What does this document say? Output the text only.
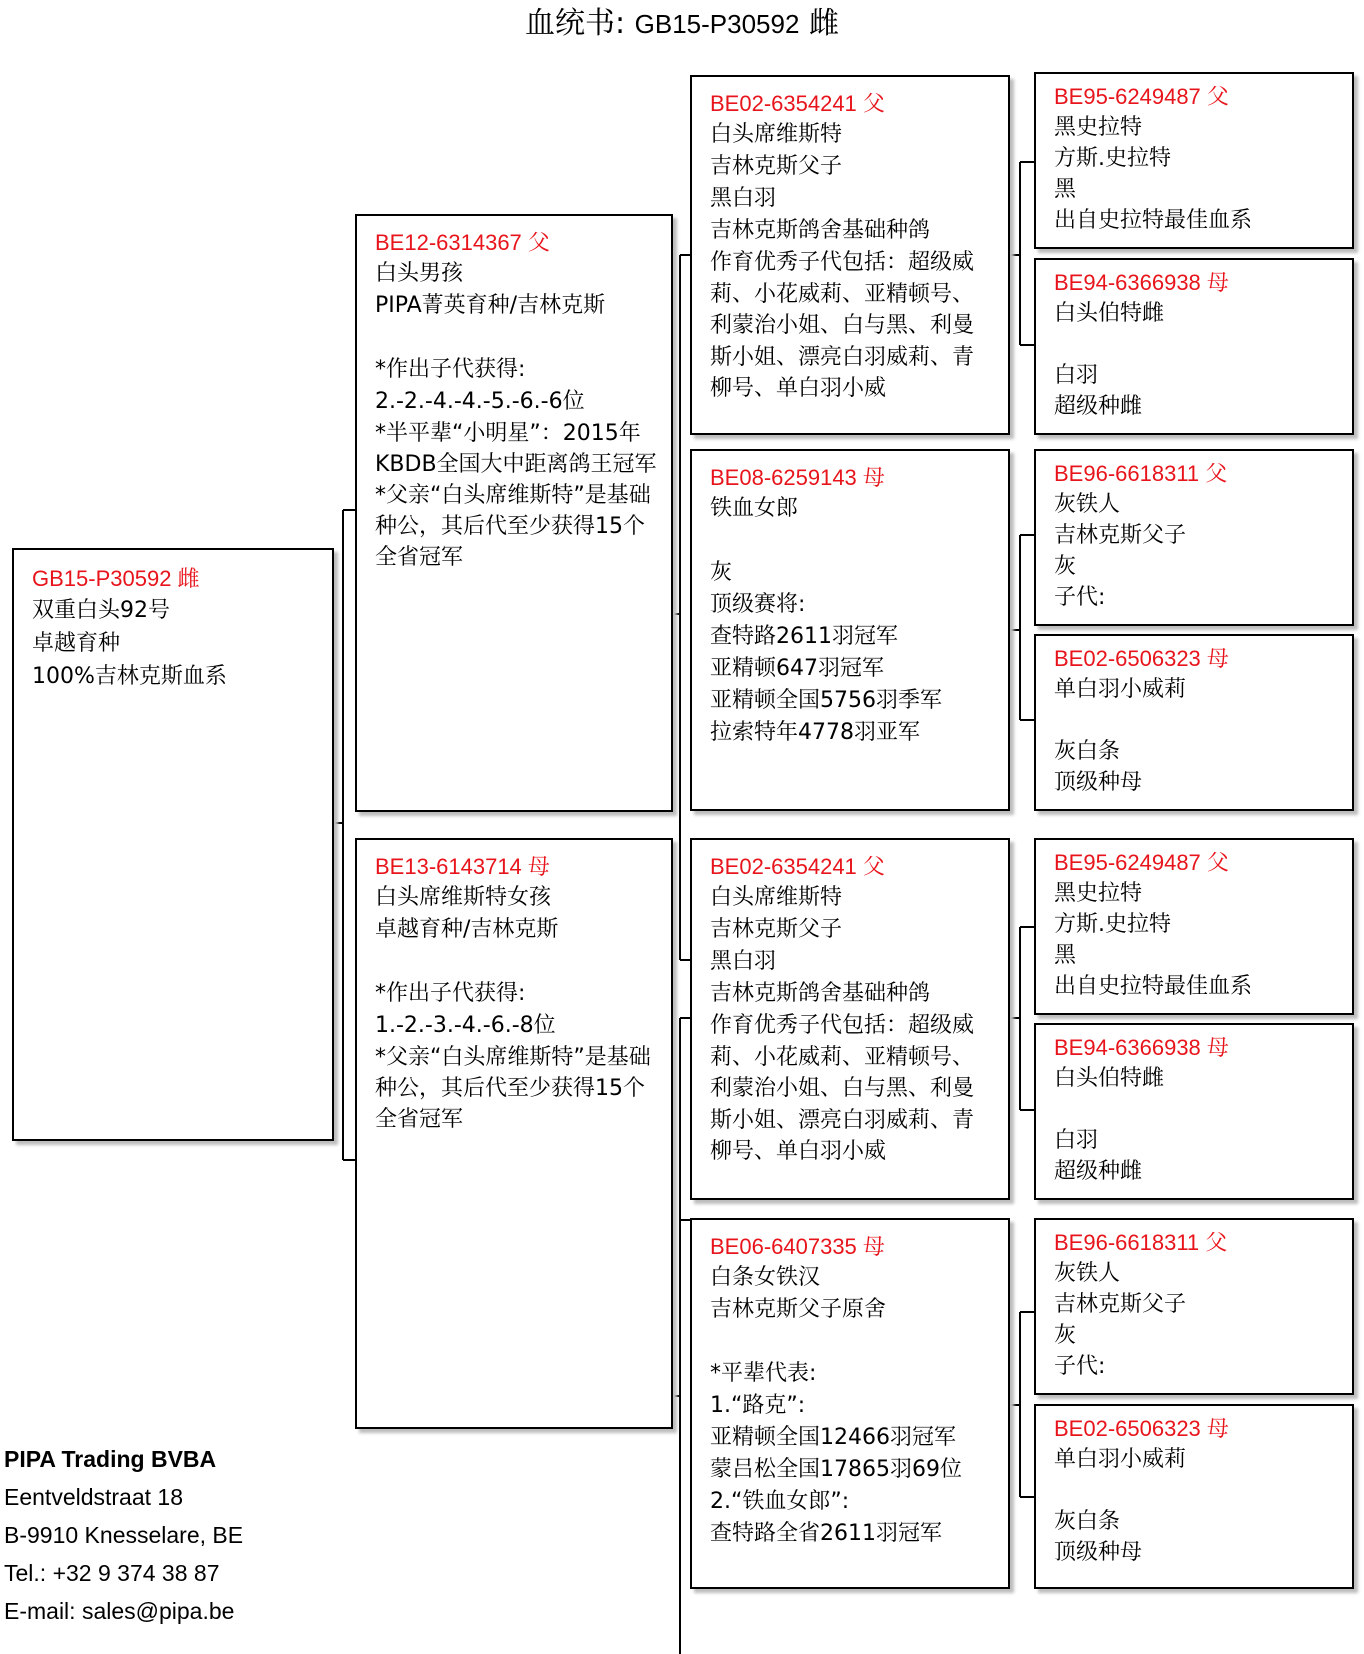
血统书: GB15-P30592 雌
GB15-P30592 雌
双重白头92号
卓越育种
100%吉林克斯血系
BE12-6314367 父
白头男孩
PIPA菁英育种/吉林克斯
*作出子代获得:
2.-2.-4.-4.-5.-6.-6位
*半平辈“小明星”：2015年KBDB全国大中距离鸽王冠军
*父亲“白头席维斯特”是基础种公，其后代至少获得15个全省冠军
BE13-6143714 母
白头席维斯特女孩
卓越育种/吉林克斯
*作出子代获得:
1.-2.-3.-4.-6.-8位
*父亲“白头席维斯特”是基础种公，其后代至少获得15个全省冠军
BE02-6354241 父
白头席维斯特
吉林克斯父子
黑白羽
吉林克斯鸽舍基础种鸽
作育优秀子代包括：超级威莉、小花威莉、亚精顿号、利蒙治小姐、白与黑、利曼斯小姐、漂亮白羽威莉、青柳号、单白羽小威
BE08-6259143 母
铁血女郎
灰
顶级赛将:
查特路2611羽冠军
亚精顿647羽冠军
亚精顿全国5756羽季军
拉索特年4778羽亚军
BE02-6354241 父
白头席维斯特
吉林克斯父子
黑白羽
吉林克斯鸽舍基础种鸽
作育优秀子代包括：超级威莉、小花威莉、亚精顿号、利蒙治小姐、白与黑、利曼斯小姐、漂亮白羽威莉、青柳号、单白羽小威
BE06-6407335 母
白条女铁汉
吉林克斯父子原舍
*平辈代表:
1.“路克”:
亚精顿全国12466羽冠军
蒙吕松全国17865羽69位
2.“铁血女郎”:
查特路全省2611羽冠军
BE95-6249487 父
黑史拉特
方斯.史拉特
黑
出自史拉特最佳血系
BE94-6366938 母
白头伯特雌
白羽
超级种雌
BE96-6618311 父
灰铁人
吉林克斯父子
灰
子代:
BE02-6506323 母
单白羽小威莉
灰白条
顶级种母
BE95-6249487 父
黑史拉特
方斯.史拉特
黑
出自史拉特最佳血系
BE94-6366938 母
白头伯特雌
白羽
超级种雌
BE96-6618311 父
灰铁人
吉林克斯父子
灰
子代:
BE02-6506323 母
单白羽小威莉
灰白条
顶级种母
PIPA Trading BVBA
Eentveldstraat 18
B-9910 Knesselare, BE
Tel.: +32 9 374 38 87
E-mail: sales@pipa.be
